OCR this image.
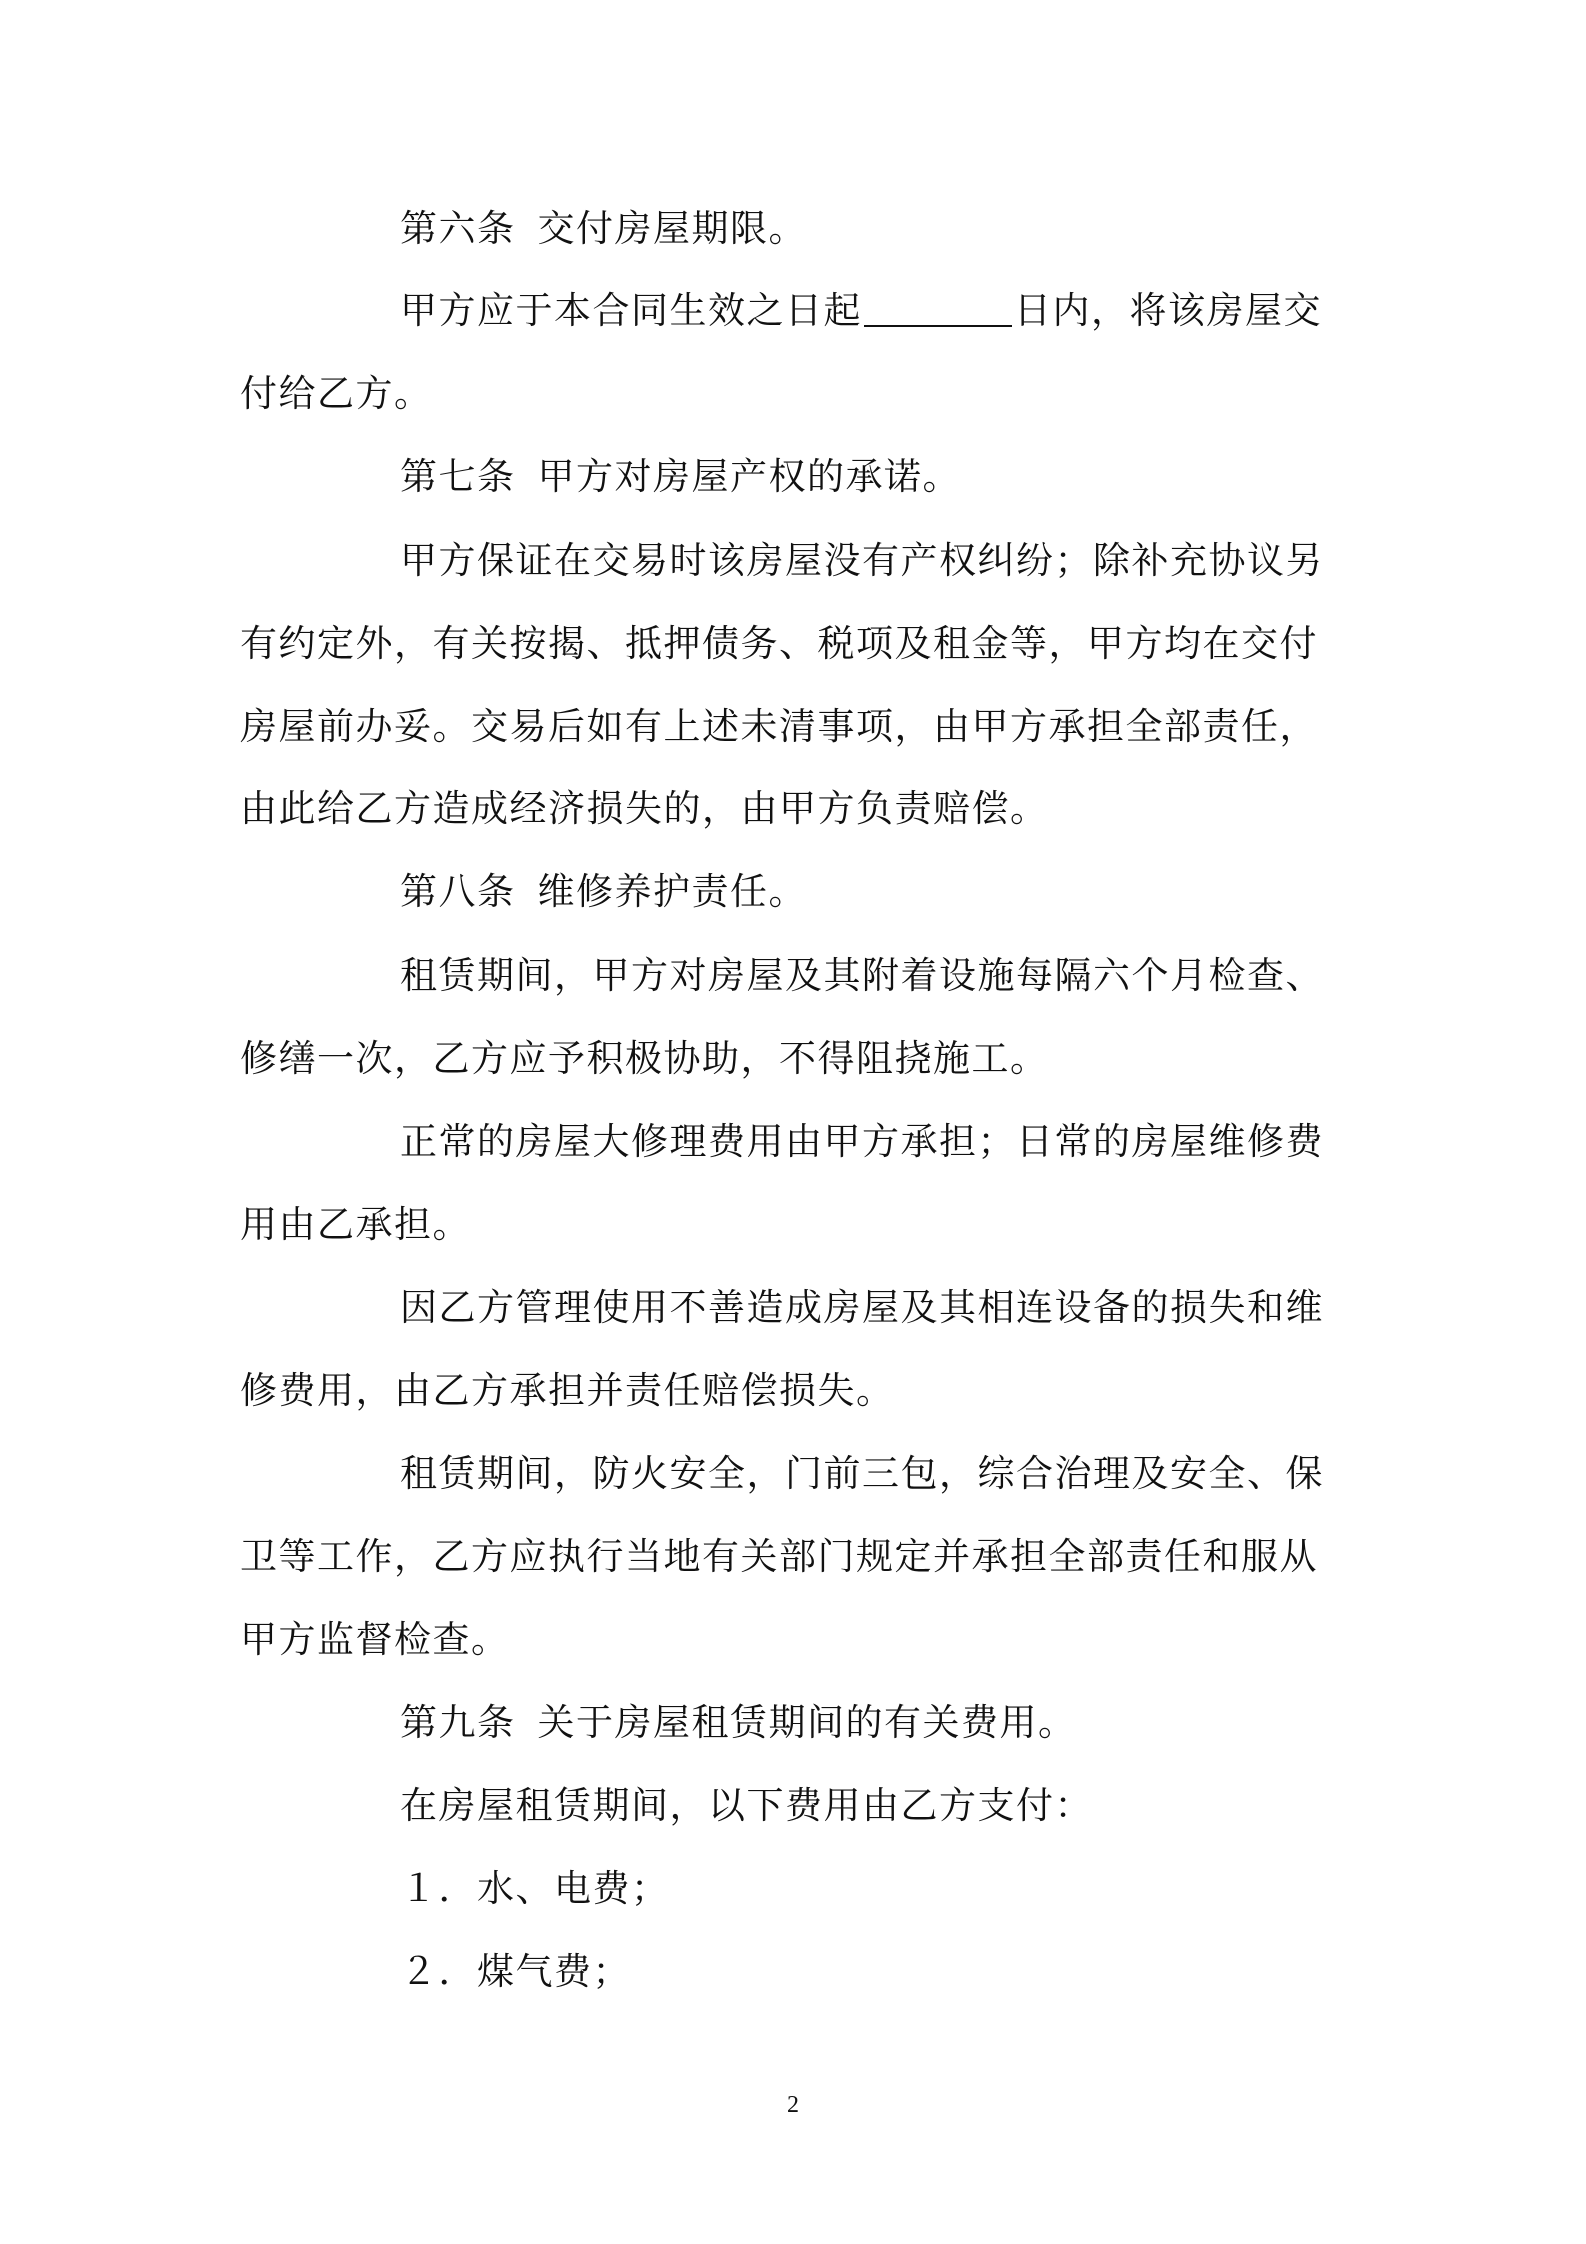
第六条 交付房屋期限。
甲方应于本合同生效之日起	日内，将该房屋交
付给乙方。
第七条 甲方对房屋产权的承诺。
甲方保证在交易时该房屋没有产权纠纷；除补充协议另
有约定外，有关按揭、抵押债务、税项及租金等，甲方均在交付
房屋前办妥。交易后如有上述未清事项，由甲方承担全部责任，
由此给乙方造成经济损失的，由甲方负责赔偿。
第八条 维修养护责任。
租赁期间，甲方对房屋及其附着设施每隔六个月检查、
修缮一次，乙方应予积极协助，不得阻挠施工。
正常的房屋大修理费用由甲方承担；日常的房屋维修费
用由乙承担。
因乙方管理使用不善造成房屋及其相连设备的损失和维
修费用，由乙方承担并责任赔偿损失。
租赁期间，防火安全，门前三包，综合治理及安全、保
卫等工作，乙方应执行当地有关部门规定并承担全部责任和服从
甲方监督检查。
第九条 关于房屋租赁期间的有关费用。
在房屋租赁期间，以下费用由乙方支付：
１．水、电费；
２．煤气费；
2
